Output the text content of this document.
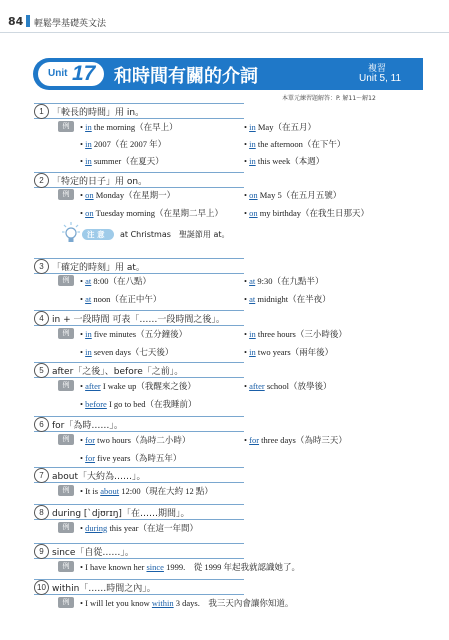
84 輕鬆學基礎英文法
Unit 17 和時間有關的介詞	複習
Unit 5, 11
本單元練習題解答：P. 解11～解12
注 意 at Christmas　聖誕節用 at。
1 「較長的時間」用 in。
例	• in the morning（在早上）	• in May（在五月）
• in 2007（在 2007 年）	• in the afternoon（在下午）
• in summer（在夏天）	• in this week（本週）
2 「特定的日子」用 on。
例	• on Monday（在星期一）	• on May 5（在五月五號）
• on Tuesday morning（在星期二早上） • on my birthday（在我生日那天）
3 「確定的時刻」用 at。
例	• at 8:00（在八點）	• at 9:30（在九點半）
• at noon（在正中午）	• at midnight（在半夜）
4 in + 一段時間 可表「……一段時間之後」。
例	• in five minutes（五分鐘後）	• in three hours（三小時後）
• in seven days（七天後）	• in two years（兩年後）
5 after「之後」、before「之前」。
例	• after I wake up（我醒來之後）	• after school（放學後）
• before I go to bed（在我睡前）
6 for「為時……」。
例	• for two hours（為時二小時）	• for three days（為時三天）
• for five years（為時五年）
7 about「大約為……」。
例	• It is about 12:00（現在大約 12 點）
8 during [ˋdjʊrɪŋ]「在……期間」。
例	• during this year（在這一年間）
9 since「自從……」。
例	• I have known her since 1999.　從 1999 年起我就認識她了。
10 within「……時間之內」。
例	• I will let you know within 3 days.　我三天內會讓你知道。
